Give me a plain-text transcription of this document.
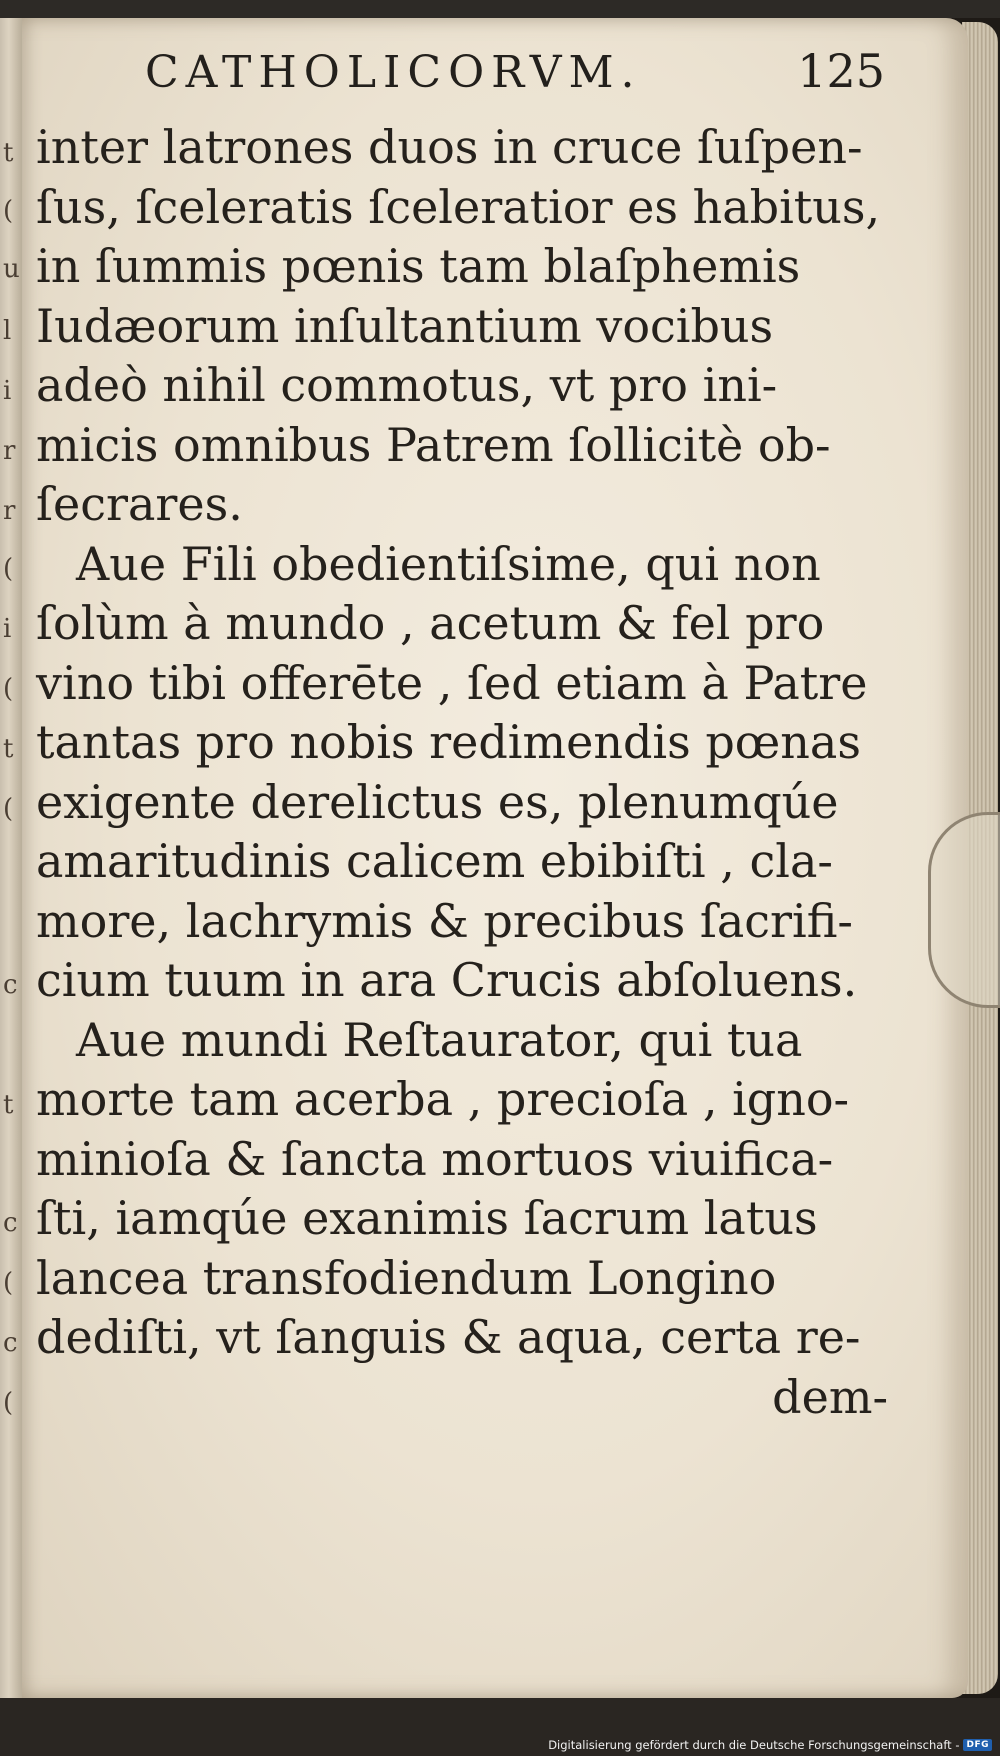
t
(
u
l
i
r
r
(
i
(
t
(
c
t
c
(
c
(
CATHOLICORVM.	125
inter latrones duos in cruce ſuſpen-
ſus, ſceleratis ſceleratior es habitus,
in ſummis pœnis tam blaſphemis
Iudæorum inſultantium vocibus
adeò nihil commotus, vt pro ini-
micis omnibus Patrem ſollicitè ob-
ſecrares.
Aue Fili obedientiſsime, qui non
ſolùm à mundo , acetum & fel pro
vino tibi offerēte , ſed etiam à Patre
tantas pro nobis redimendis pœnas
exigente derelictus es, plenumqúe
amaritudinis calicem ebibiſti , cla-
more, lachrymis & precibus ſacrifi-
cium tuum in ara Crucis abſoluens.
Aue mundi Reſtaurator, qui tua
morte tam acerba , precioſa , igno-
minioſa & ſancta mortuos viuifica-
ſti, iamqúe exanimis ſacrum latus
lancea transfodiendum Longino
dediſti, vt ſanguis & aqua, certa re-
dem-
Digitalisierung gefördert durch die Deutsche Forschungsgemeinschaft - DFG
